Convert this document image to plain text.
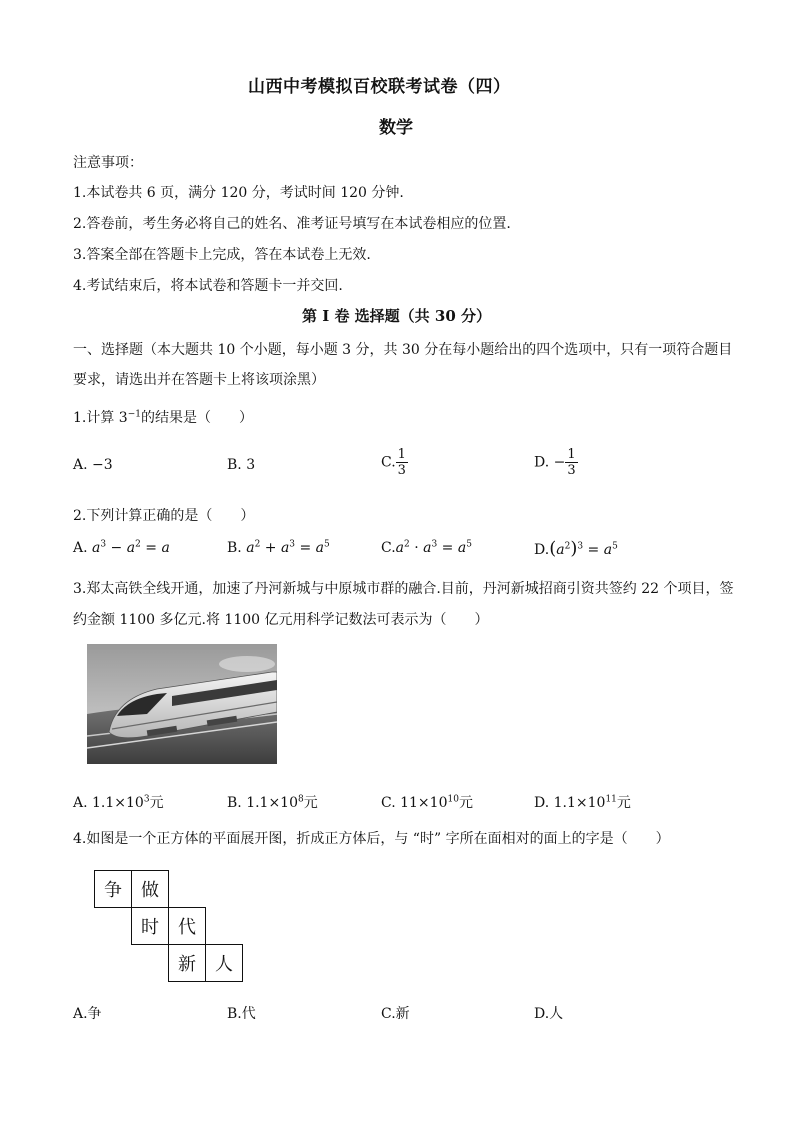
山西中考模拟百校联考试卷（四）
数学
注意事项：
1.本试卷共 6 页，满分 120 分，考试时间 120 分钟.
2.答卷前，考生务必将自己的姓名、准考证号填写在本试卷相应的位置.
3.答案全部在答题卡上完成，答在本试卷上无效.
4.考试结束后，将本试卷和答题卡一并交回.
第 I 卷 选择题（共 30 分）
一、选择题（本大题共 10 个小题，每小题 3 分，共 30 分在每小题给出的四个选项中，只有一项符合题目
要求，请选出并在答题卡上将该项涂黑）
1.计算 $3^{-1}$的结果是（　　）
A. −3	B. 3	C. $\frac{1}{3}$	D. − $\frac{1}{3}$
2.下列计算正确的是（　　）
A. $a^3 - a^2 = a$	B. $a^2 + a^3 = a^5$	$C.a^2 \cdot a^3 = a^5$	$D.(a^2)^3 = a^5$
3.郑太高铁全线开通，加速了丹河新城与中原城市群的融合.目前，丹河新城招商引资共签约 22 个项目，签
约金额 1100 多亿元.将 1100 亿元用科学记数法可表示为（　　）
A. $1.1\times 10^3$元	B. $1.1\times 10^8$元	C. $11\times 10^{10}$元	D. $1.1\times 10^{11}$元
4.如图是一个正方体的平面展开图，折成正方体后，与 “时” 字所在面相对的面上的字是（　　）
争	做
时	代
新	人
A.争	B.代	C.新	D.人
